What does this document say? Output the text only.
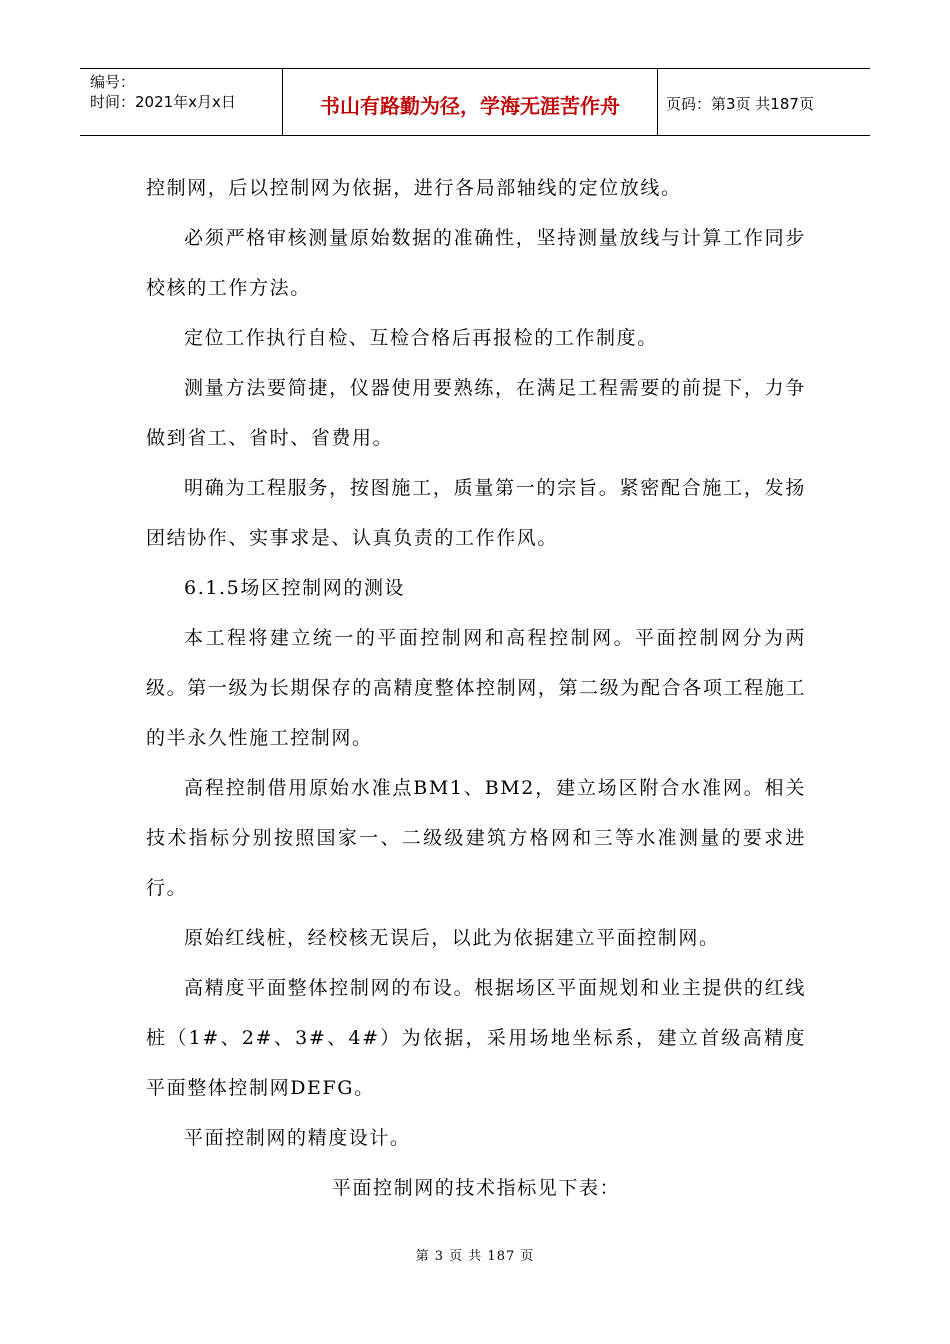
编号：
时间：2021年x月x日	书山有路勤为径，学海无涯苦作舟	页码：第3页 共187页

控制网，后以控制网为依据，进行各局部轴线的定位放线。

必须严格审核测量原始数据的准确性，坚持测量放线与计算工作同步校核的工作方法。

定位工作执行自检、互检合格后再报检的工作制度。

测量方法要简捷，仪器使用要熟练，在满足工程需要的前提下，力争做到省工、省时、省费用。

明确为工程服务，按图施工，质量第一的宗旨。紧密配合施工，发扬团结协作、实事求是、认真负责的工作作风。

6.1.5场区控制网的测设

本工程将建立统一的平面控制网和高程控制网。平面控制网分为两级。第一级为长期保存的高精度整体控制网，第二级为配合各项工程施工的半永久性施工控制网。

高程控制借用原始水准点BM1、BM2，建立场区附合水准网。相关技术指标分别按照国家一、二级级建筑方格网和三等水准测量的要求进行。

原始红线桩，经校核无误后，以此为依据建立平面控制网。

高精度平面整体控制网的布设。根据场区平面规划和业主提供的红线桩（1#、2#、3#、4#）为依据，采用场地坐标系，建立首级高精度平面整体控制网DEFG。

平面控制网的精度设计。

平面控制网的技术指标见下表：

第 3 页 共 187 页
